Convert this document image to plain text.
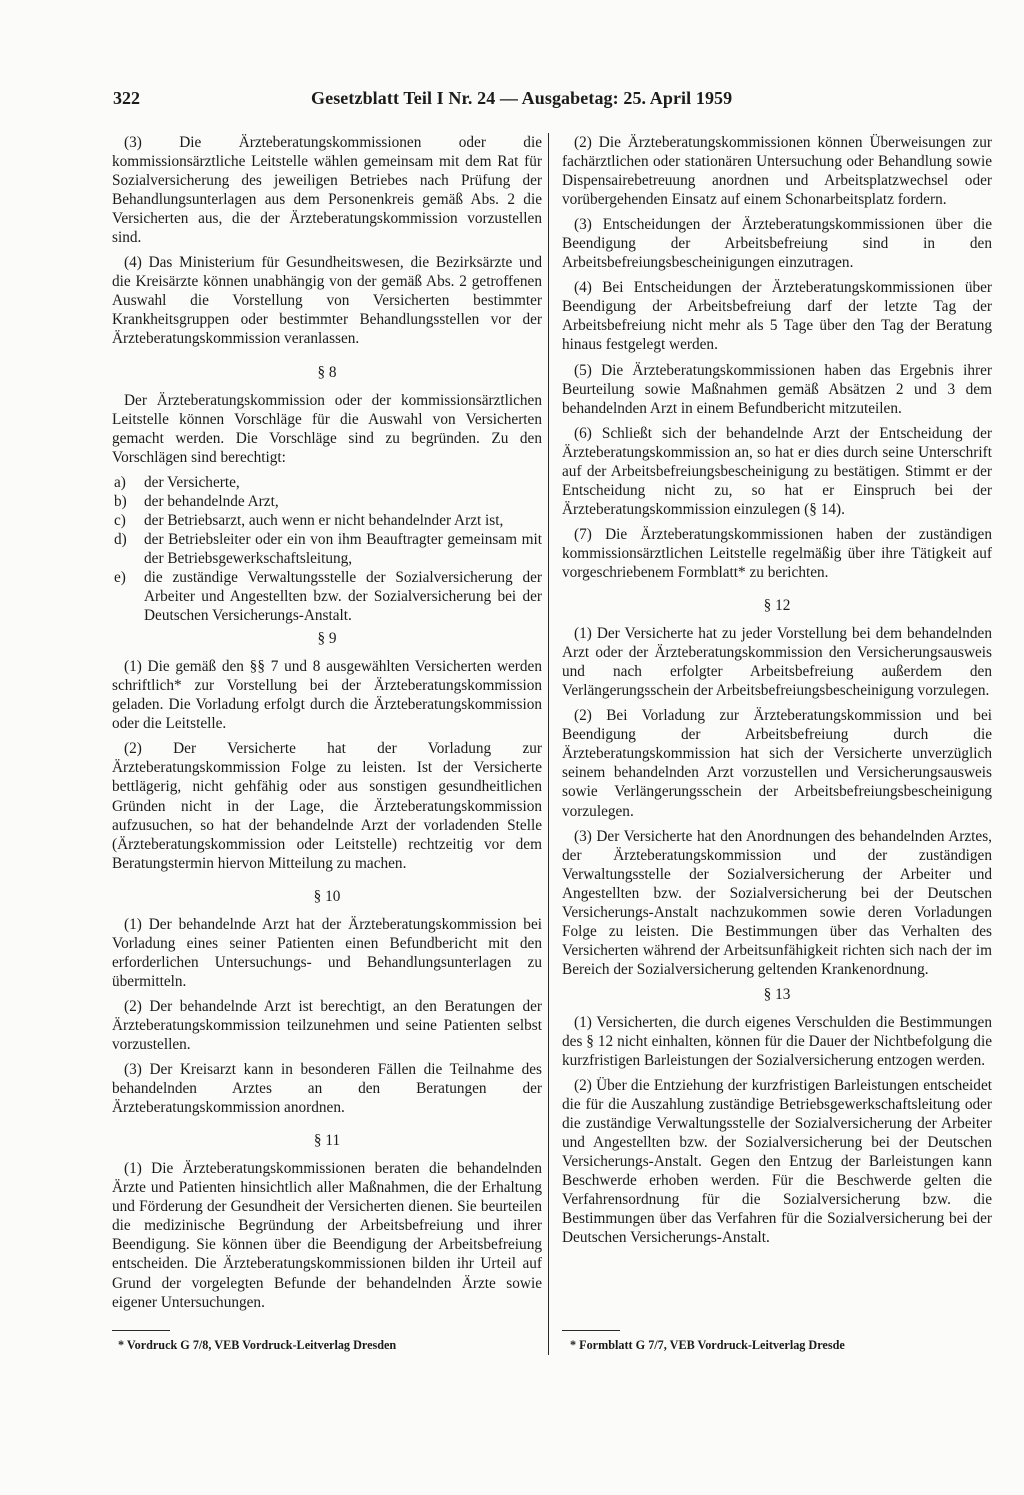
322	Gesetzblatt Teil I Nr. 24 — Ausgabetag: 25. April 1959

(3) Die Ärzteberatungskommissionen oder die kommissionsärztliche Leitstelle wählen gemeinsam mit dem Rat für Sozialversicherung des jeweiligen Betriebes nach Prüfung der Behandlungsunterlagen aus dem Personenkreis gemäß Abs. 2 die Versicherten aus, die der Ärzteberatungskommission vorzustellen sind.

(4) Das Ministerium für Gesundheitswesen, die Bezirksärzte und die Kreisärzte können unabhängig von der gemäß Abs. 2 getroffenen Auswahl die Vorstellung von Versicherten bestimmter Krankheitsgruppen oder bestimmter Behandlungsstellen vor der Ärzteberatungskommission veranlassen.

§ 8

Der Ärzteberatungskommission oder der kommissionsärztlichen Leitstelle können Vorschläge für die Auswahl von Versicherten gemacht werden. Die Vorschläge sind zu begründen. Zu den Vorschlägen sind berechtigt:

a) der Versicherte,
b) der behandelnde Arzt,
c) der Betriebsarzt, auch wenn er nicht behandelnder Arzt ist,
d) der Betriebsleiter oder ein von ihm Beauftragter gemeinsam mit der Betriebsgewerkschaftsleitung,
e) die zuständige Verwaltungsstelle der Sozialversicherung der Arbeiter und Angestellten bzw. der Sozialversicherung bei der Deutschen Versicherungs-Anstalt.

§ 9

(1) Die gemäß den §§ 7 und 8 ausgewählten Versicherten werden schriftlich* zur Vorstellung bei der Ärzteberatungskommission geladen. Die Vorladung erfolgt durch die Ärzteberatungskommission oder die Leitstelle.

(2) Der Versicherte hat der Vorladung zur Ärzteberatungskommission Folge zu leisten. Ist der Versicherte bettlägerig, nicht gehfähig oder aus sonstigen gesundheitlichen Gründen nicht in der Lage, die Ärzteberatungskommission aufzusuchen, so hat der behandelnde Arzt der vorladenden Stelle (Ärzteberatungskommission oder Leitstelle) rechtzeitig vor dem Beratungstermin hiervon Mitteilung zu machen.

§ 10

(1) Der behandelnde Arzt hat der Ärzteberatungskommission bei Vorladung eines seiner Patienten einen Befundbericht mit den erforderlichen Untersuchungs- und Behandlungsunterlagen zu übermitteln.

(2) Der behandelnde Arzt ist berechtigt, an den Beratungen der Ärzteberatungskommission teilzunehmen und seine Patienten selbst vorzustellen.

(3) Der Kreisarzt kann in besonderen Fällen die Teilnahme des behandelnden Arztes an den Beratungen der Ärzteberatungskommission anordnen.

§ 11

(1) Die Ärzteberatungskommissionen beraten die behandelnden Ärzte und Patienten hinsichtlich aller Maßnahmen, die der Erhaltung und Förderung der Gesundheit der Versicherten dienen. Sie beurteilen die medizinische Begründung der Arbeitsbefreiung und ihrer Beendigung. Sie können über die Beendigung der Arbeitsbefreiung entscheiden. Die Ärzteberatungskommissionen bilden ihr Urteil auf Grund der vorgelegten Befunde der behandelnden Ärzte sowie eigener Untersuchungen.

(2) Die Ärzteberatungskommissionen können Überweisungen zur fachärztlichen oder stationären Untersuchung oder Behandlung sowie Dispensairebetreuung anordnen und Arbeitsplatzwechsel oder vorübergehenden Einsatz auf einem Schonarbeitsplatz fordern.

(3) Entscheidungen der Ärzteberatungskommissionen über die Beendigung der Arbeitsbefreiung sind in den Arbeitsbefreiungsbescheinigungen einzutragen.

(4) Bei Entscheidungen der Ärzteberatungskommissionen über Beendigung der Arbeitsbefreiung darf der letzte Tag der Arbeitsbefreiung nicht mehr als 5 Tage über den Tag der Beratung hinaus festgelegt werden.

(5) Die Ärzteberatungskommissionen haben das Ergebnis ihrer Beurteilung sowie Maßnahmen gemäß Absätzen 2 und 3 dem behandelnden Arzt in einem Befundbericht mitzuteilen.

(6) Schließt sich der behandelnde Arzt der Entscheidung der Ärzteberatungskommission an, so hat er dies durch seine Unterschrift auf der Arbeitsbefreiungsbescheinigung zu bestätigen. Stimmt er der Entscheidung nicht zu, so hat er Einspruch bei der Ärzteberatungskommission einzulegen (§ 14).

(7) Die Ärzteberatungskommissionen haben der zuständigen kommissionsärztlichen Leitstelle regelmäßig über ihre Tätigkeit auf vorgeschriebenem Formblatt* zu berichten.

§ 12

(1) Der Versicherte hat zu jeder Vorstellung bei dem behandelnden Arzt oder der Ärzteberatungskommission den Versicherungsausweis und nach erfolgter Arbeitsbefreiung außerdem den Verlängerungsschein der Arbeitsbefreiungsbescheinigung vorzulegen.

(2) Bei Vorladung zur Ärzteberatungskommission und bei Beendigung der Arbeitsbefreiung durch die Ärzteberatungskommission hat sich der Versicherte unverzüglich seinem behandelnden Arzt vorzustellen und Versicherungsausweis sowie Verlängerungsschein der Arbeitsbefreiungsbescheinigung vorzulegen.

(3) Der Versicherte hat den Anordnungen des behandelnden Arztes, der Ärzteberatungskommission und der zuständigen Verwaltungsstelle der Sozialversicherung der Arbeiter und Angestellten bzw. der Sozialversicherung bei der Deutschen Versicherungs-Anstalt nachzukommen sowie deren Vorladungen Folge zu leisten. Die Bestimmungen über das Verhalten des Versicherten während der Arbeitsunfähigkeit richten sich nach der im Bereich der Sozialversicherung geltenden Krankenordnung.

§ 13

(1) Versicherten, die durch eigenes Verschulden die Bestimmungen des § 12 nicht einhalten, können für die Dauer der Nichtbefolgung die kurzfristigen Barleistungen der Sozialversicherung entzogen werden.

(2) Über die Entziehung der kurzfristigen Barleistungen entscheidet die für die Auszahlung zuständige Betriebsgewerkschaftsleitung oder die zuständige Verwaltungsstelle der Sozialversicherung der Arbeiter und Angestellten bzw. der Sozialversicherung bei der Deutschen Versicherungs-Anstalt. Gegen den Entzug der Barleistungen kann Beschwerde erhoben werden. Für die Beschwerde gelten die Verfahrensordnung für die Sozialversicherung bzw. die Bestimmungen über das Verfahren für die Sozialversicherung bei der Deutschen Versicherungs-Anstalt.

* Vordruck G 7/8, VEB Vordruck-Leitverlag Dresden	* Formblatt G 7/7, VEB Vordruck-Leitverlag Dresde
